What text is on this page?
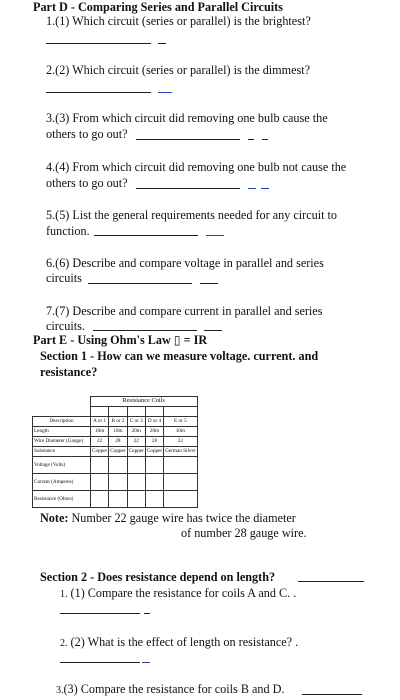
Part D - Comparing Series and Parallel Circuits
1.(1) Which circuit (series or parallel) is the brightest?
2.(2) Which circuit (series or parallel) is the dimmest?
3.(3) From which circuit did removing one bulb cause the
others to go out?
4.(4) From which circuit did removing one bulb not cause the
others to go out?
5.(5) List the general requirements needed for any circuit to
function.
6.(6) Describe and compare voltage in parallel and series
circuits
7.(7) Describe and compare current in parallel and series
circuits.
Part E - Using Ohm's Law ▯ = IR
Section 1 - How can we measure voltage. current. and
resistance?
	Resistance Coils				

Description	A or 1	B or 2	C or 3	D or 4	E or 5
Length	10m	10m	20m	20m	10m
Wire Diameter (Gauge)	22	28	22	28	22
Substance	Copper	Copper	Copper	Copper	German Silver
Voltage (Volts)					
Current (Amperes)					
Resistance (Ohms)					
Note: Number 22 gauge wire has twice the diameter
of number 28 gauge wire.
Section 2 - Does resistance depend on length?
1. (1) Compare the resistance for coils A and C. .
2. (2) What is the effect of length on resistance? .
3.(3) Compare the resistance for coils B and D.
